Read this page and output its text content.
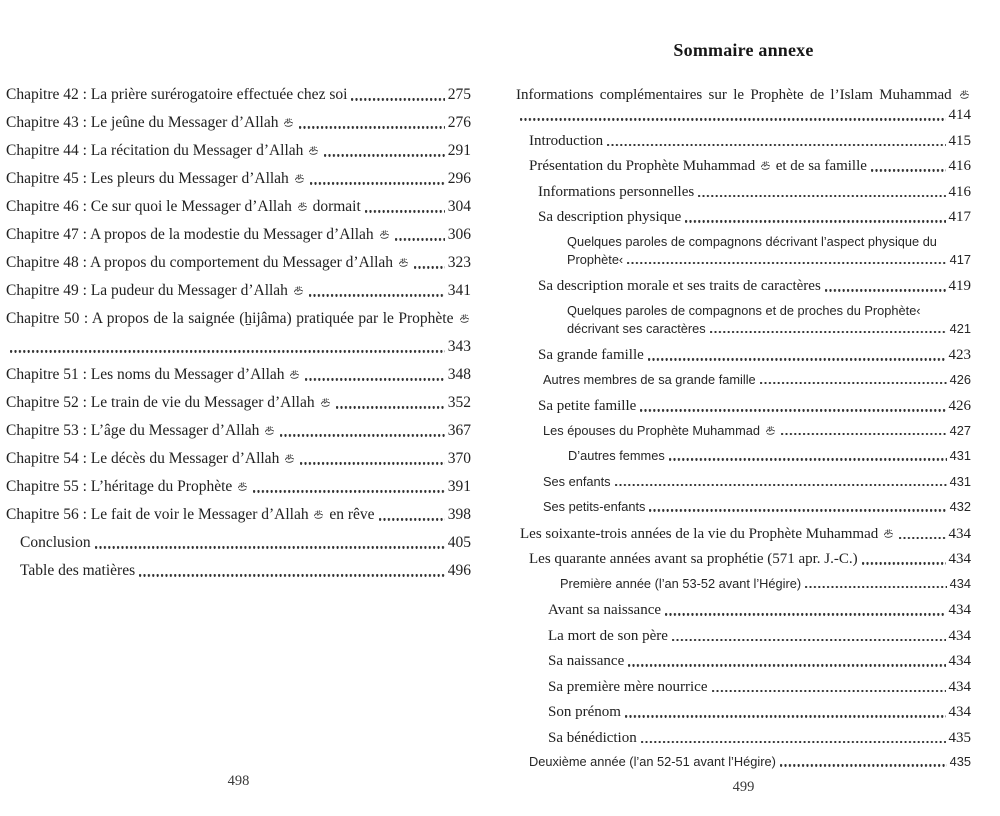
Chapitre 42 : La prière surérogatoire effectuée chez soi	275
Chapitre 43 : Le jeûne du Messager d’Allah	276
Chapitre 44 : La récitation du Messager d’Allah	291
Chapitre 45 : Les pleurs du Messager d’Allah	296
Chapitre 46 : Ce sur quoi le Messager d’Allah  dormait	304
Chapitre 47 : A propos de la modestie du Messager d’Allah	306
Chapitre 48 : A propos du comportement du Messager d’Allah	323
Chapitre 49 : La pudeur du Messager d’Allah	341
Chapitre 50 : A propos de la saignée (ẖijâma) pratiquée par le Prophète
343
Chapitre 51 : Les noms du Messager d’Allah	348
Chapitre 52 : Le train de vie du Messager d’Allah	352
Chapitre 53 : L’âge du Messager d’Allah	367
Chapitre 54 : Le décès du Messager d’Allah	370
Chapitre 55 : L’héritage du Prophète	391
Chapitre 56 : Le fait de voir le Messager d’Allah  en rêve	398
Conclusion	405
Table des matières	496
498
Sommaire annexe
Informations complémentaires sur le Prophète de l’Islam Muhammad
414
Introduction	415
Présentation du Prophète Muhammad  et de sa famille	416
Informations personnelles	416
Sa description physique	417
Quelques paroles de compagnons décrivant l’aspect physique du
Prophète‹	417
Sa description morale et ses traits de caractères	419
Quelques paroles de compagnons et de proches du Prophète‹
décrivant ses caractères	421
Sa grande famille	423
Autres membres de sa grande famille	426
Sa petite famille	426
Les épouses du Prophète Muhammad	427
D’autres femmes	431
Ses enfants	431
Ses petits-enfants	432
Les soixante-trois années de la vie du Prophète Muhammad	434
Les quarante années avant sa prophétie (571 apr. J.-C.)	434
Première année (l’an 53-52 avant l’Hégire)	434
Avant sa naissance	434
La mort de son père	434
Sa naissance	434
Sa première mère nourrice	434
Son prénom	434
Sa bénédiction	435
Deuxième année (l’an 52-51 avant l’Hégire)	435
499
